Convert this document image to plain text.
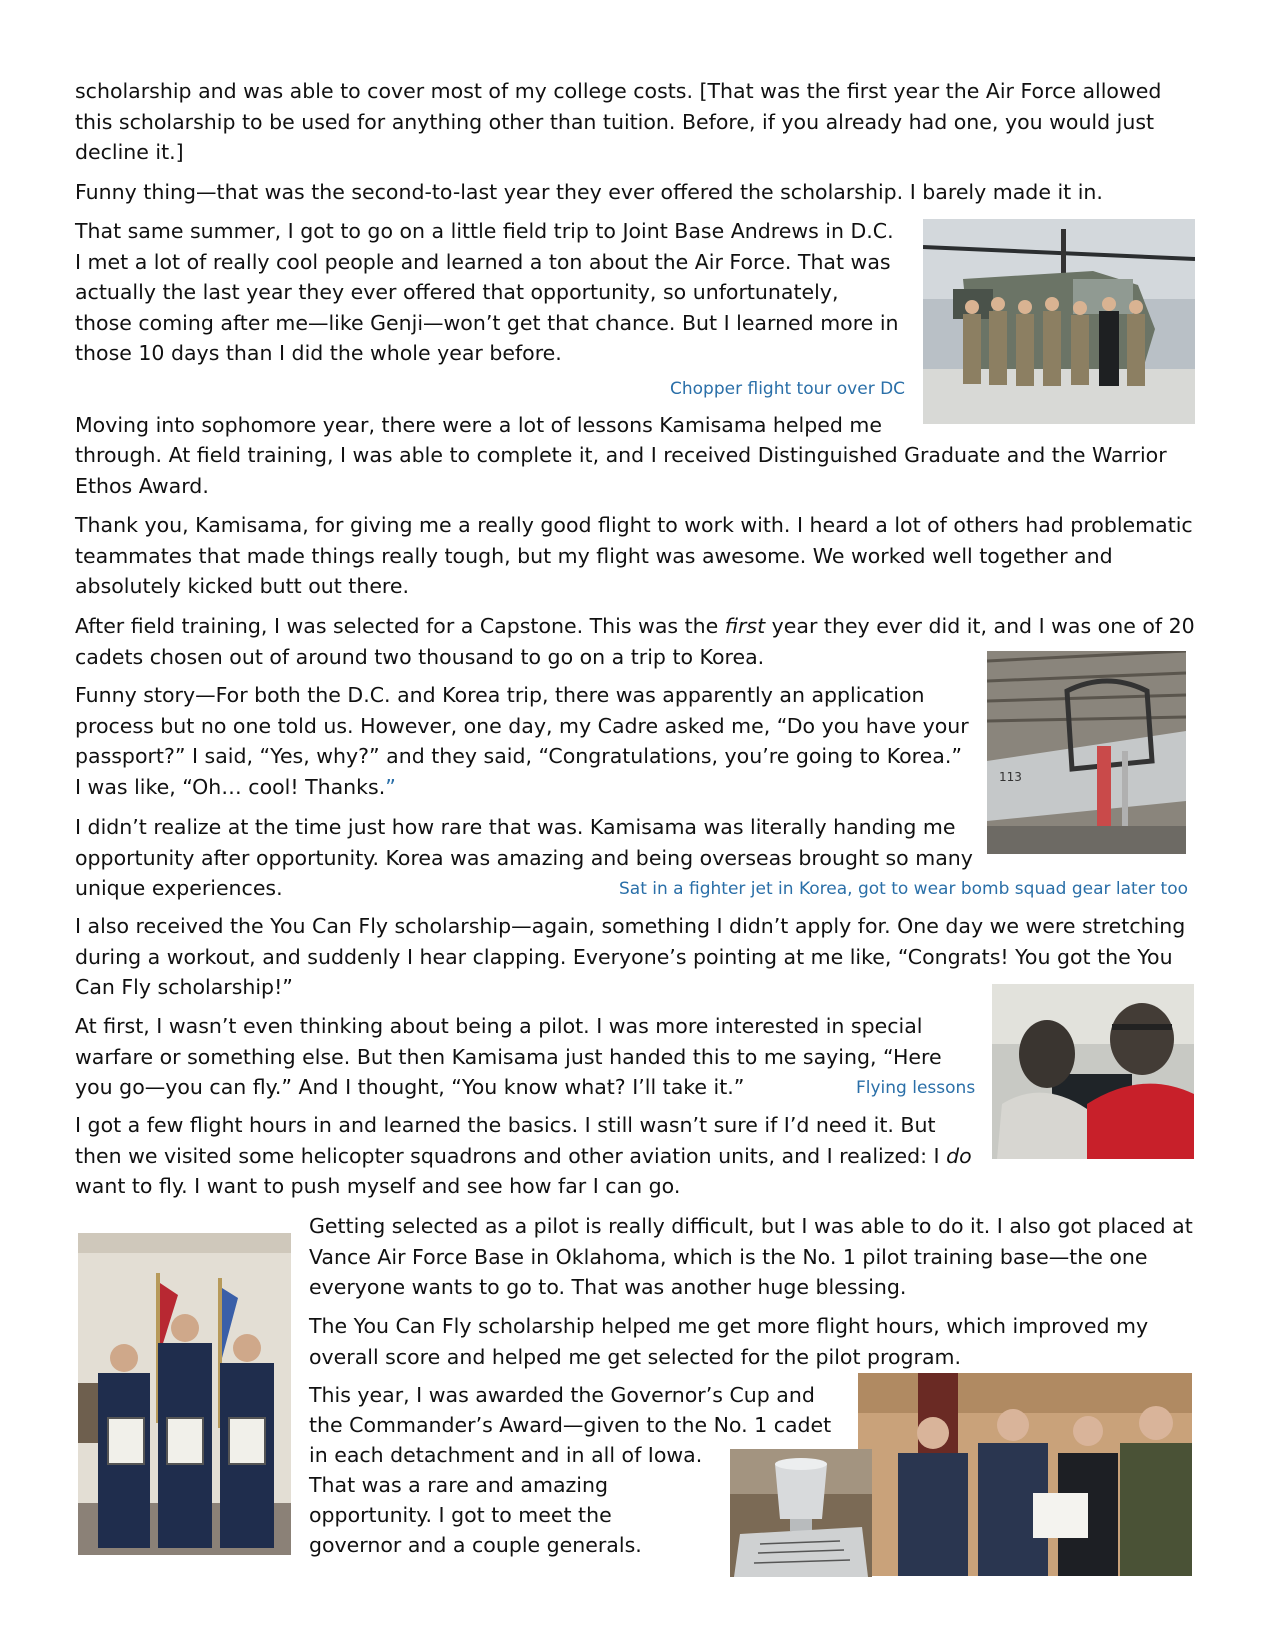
scholarship and was able to cover most of my college costs. [That was the first year the Air Force allowed this scholarship to be used for anything other than tuition. Before, if you already had one, you would just decline it.]

Funny thing—that was the second-to-last year they ever offered the scholarship. I barely made it in.

That same summer, I got to go on a little field trip to Joint Base Andrews in D.C. I met a lot of really cool people and learned a ton about the Air Force. That was actually the last year they ever offered that opportunity, so unfortunately, those coming after me—like Genji—won’t get that chance. But I learned more in those 10 days than I did the whole year before.

Chopper flight tour over DC

Moving into sophomore year, there were a lot of lessons Kamisama helped me

through. At field training, I was able to complete it, and I received Distinguished Graduate and the Warrior Ethos Award.

Thank you, Kamisama, for giving me a really good flight to work with. I heard a lot of others had problematic teammates that made things really tough, but my flight was awesome. We worked well together and absolutely kicked butt out there.

After field training, I was selected for a Capstone. This was the first year they ever did it, and I was one of 20 cadets chosen out of around two thousand to go on a trip to Korea.

113

Funny story—For both the D.C. and Korea trip, there was apparently an application process but no one told us. However, one day, my Cadre asked me, “Do you have your passport?” I said, “Yes, why?” and they said, “Congratulations, you’re going to Korea.” I was like, “Oh… cool! Thanks.”

I didn’t realize at the time just how rare that was. Kamisama was literally handing me opportunity after opportunity. Korea was amazing and being overseas brought so many unique experiences.	Sat in a fighter jet in Korea, got to wear bomb squad gear later too

I also received the You Can Fly scholarship—again, something I didn’t apply for. One day we were stretching during a workout, and suddenly I hear clapping. Everyone’s pointing at me like, “Congrats! You got the You Can Fly scholarship!”

At first, I wasn’t even thinking about being a pilot. I was more interested in special warfare or something else. But then Kamisama just handed this to me saying, “Here you go—you can fly.” And I thought, “You know what? I’ll take it.”	Flying lessons

I got a few flight hours in and learned the basics. I still wasn’t sure if I’d need it. But then we visited some helicopter squadrons and other aviation units, and I realized: I do want to fly. I want to push myself and see how far I can go.

Getting selected as a pilot is really difficult, but I was able to do it. I also got placed at Vance Air Force Base in Oklahoma, which is the No. 1 pilot training base—the one everyone wants to go to. That was another huge blessing.

The You Can Fly scholarship helped me get more flight hours, which improved my overall score and helped me get selected for the pilot program.

This year, I was awarded the Governor’s Cup and

the Commander’s Award—given to the No. 1 cadet

in each detachment and in all of Iowa.

That was a rare and amazing

opportunity. I got to meet the

governor and a couple generals.
